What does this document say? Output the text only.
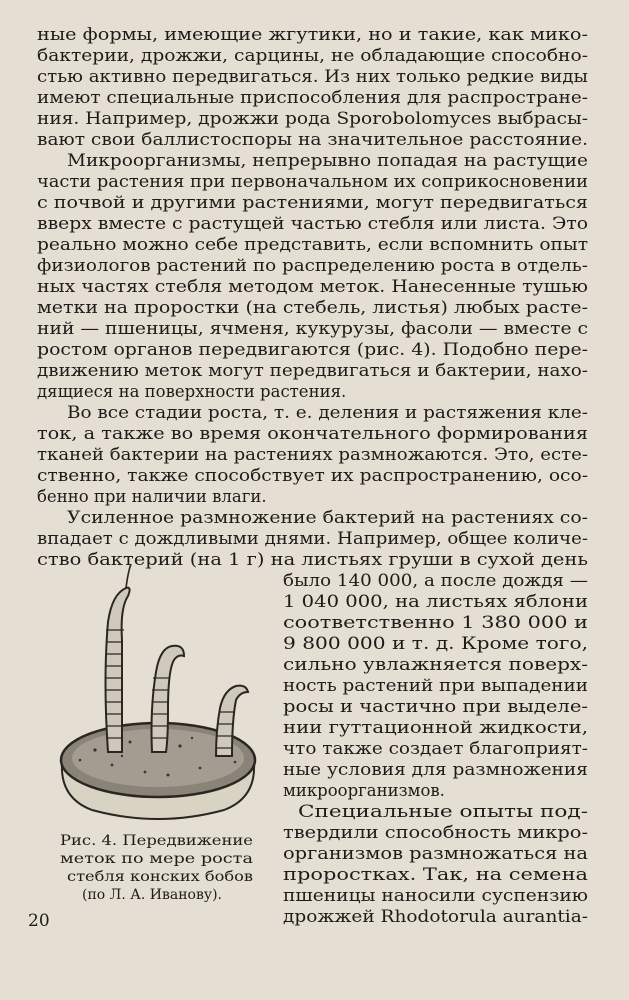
ные формы, имеющие жгутики, но и такие, как мико-
бактерии, дрожжи, сарцины, не обладающие способно-
стью активно передвигаться. Из них только редкие виды
имеют специальные приспособления для распростране-
ния. Например, дрожжи рода Sporobolomyces выбрасы-
вают свои баллистоспоры на значительное расстояние.
Микроорганизмы, непрерывно попадая на растущие
части растения при первоначальном их соприкосновении
с почвой и другими растениями, могут передвигаться
вверх вместе с растущей частью стебля или листа. Это
реально можно себе представить, если вспомнить опыт
физиологов растений по распределению роста в отдель-
ных частях стебля методом меток. Нанесенные тушью
метки на проростки (на стебель, листья) любых расте-
ний — пшеницы, ячменя, кукурузы, фасоли — вместе с
ростом органов передвигаются (рис. 4). Подобно пере-
движению меток могут передвигаться и бактерии, нахо-
дящиеся на поверхности растения.
Во все стадии роста, т. е. деления и растяжения кле-
ток, а также во время окончательного формирования
тканей бактерии на растениях размножаются. Это, есте-
ственно, также способствует их распространению, осо-
бенно при наличии влаги.
Усиленное размножение бактерий на растениях со-
впадает с дождливыми днями. Например, общее количе-
ство бактерий (на 1 г) на листьях груши в сухой день
было 140 000, а после дождя —
1 040 000, на листьях яблони
соответственно 1 380 000 и
9 800 000 и т. д. Кроме того,
сильно увлажняется поверх-
ность растений при выпадении
росы и частично при выделе-
нии гуттационной жидкости,
что также создает благоприят-
ные условия для размножения
микроорганизмов.
Специальные опыты под-
твердили способность микро-
организмов размножаться на
проростках. Так, на семена
пшеницы наносили суспензию
дрожжей Rhodotorula aurantia-
Рис. 4. Передвижение
меток по мере роста
стебля конских бобов
(по Л. А. Иванову).
20
